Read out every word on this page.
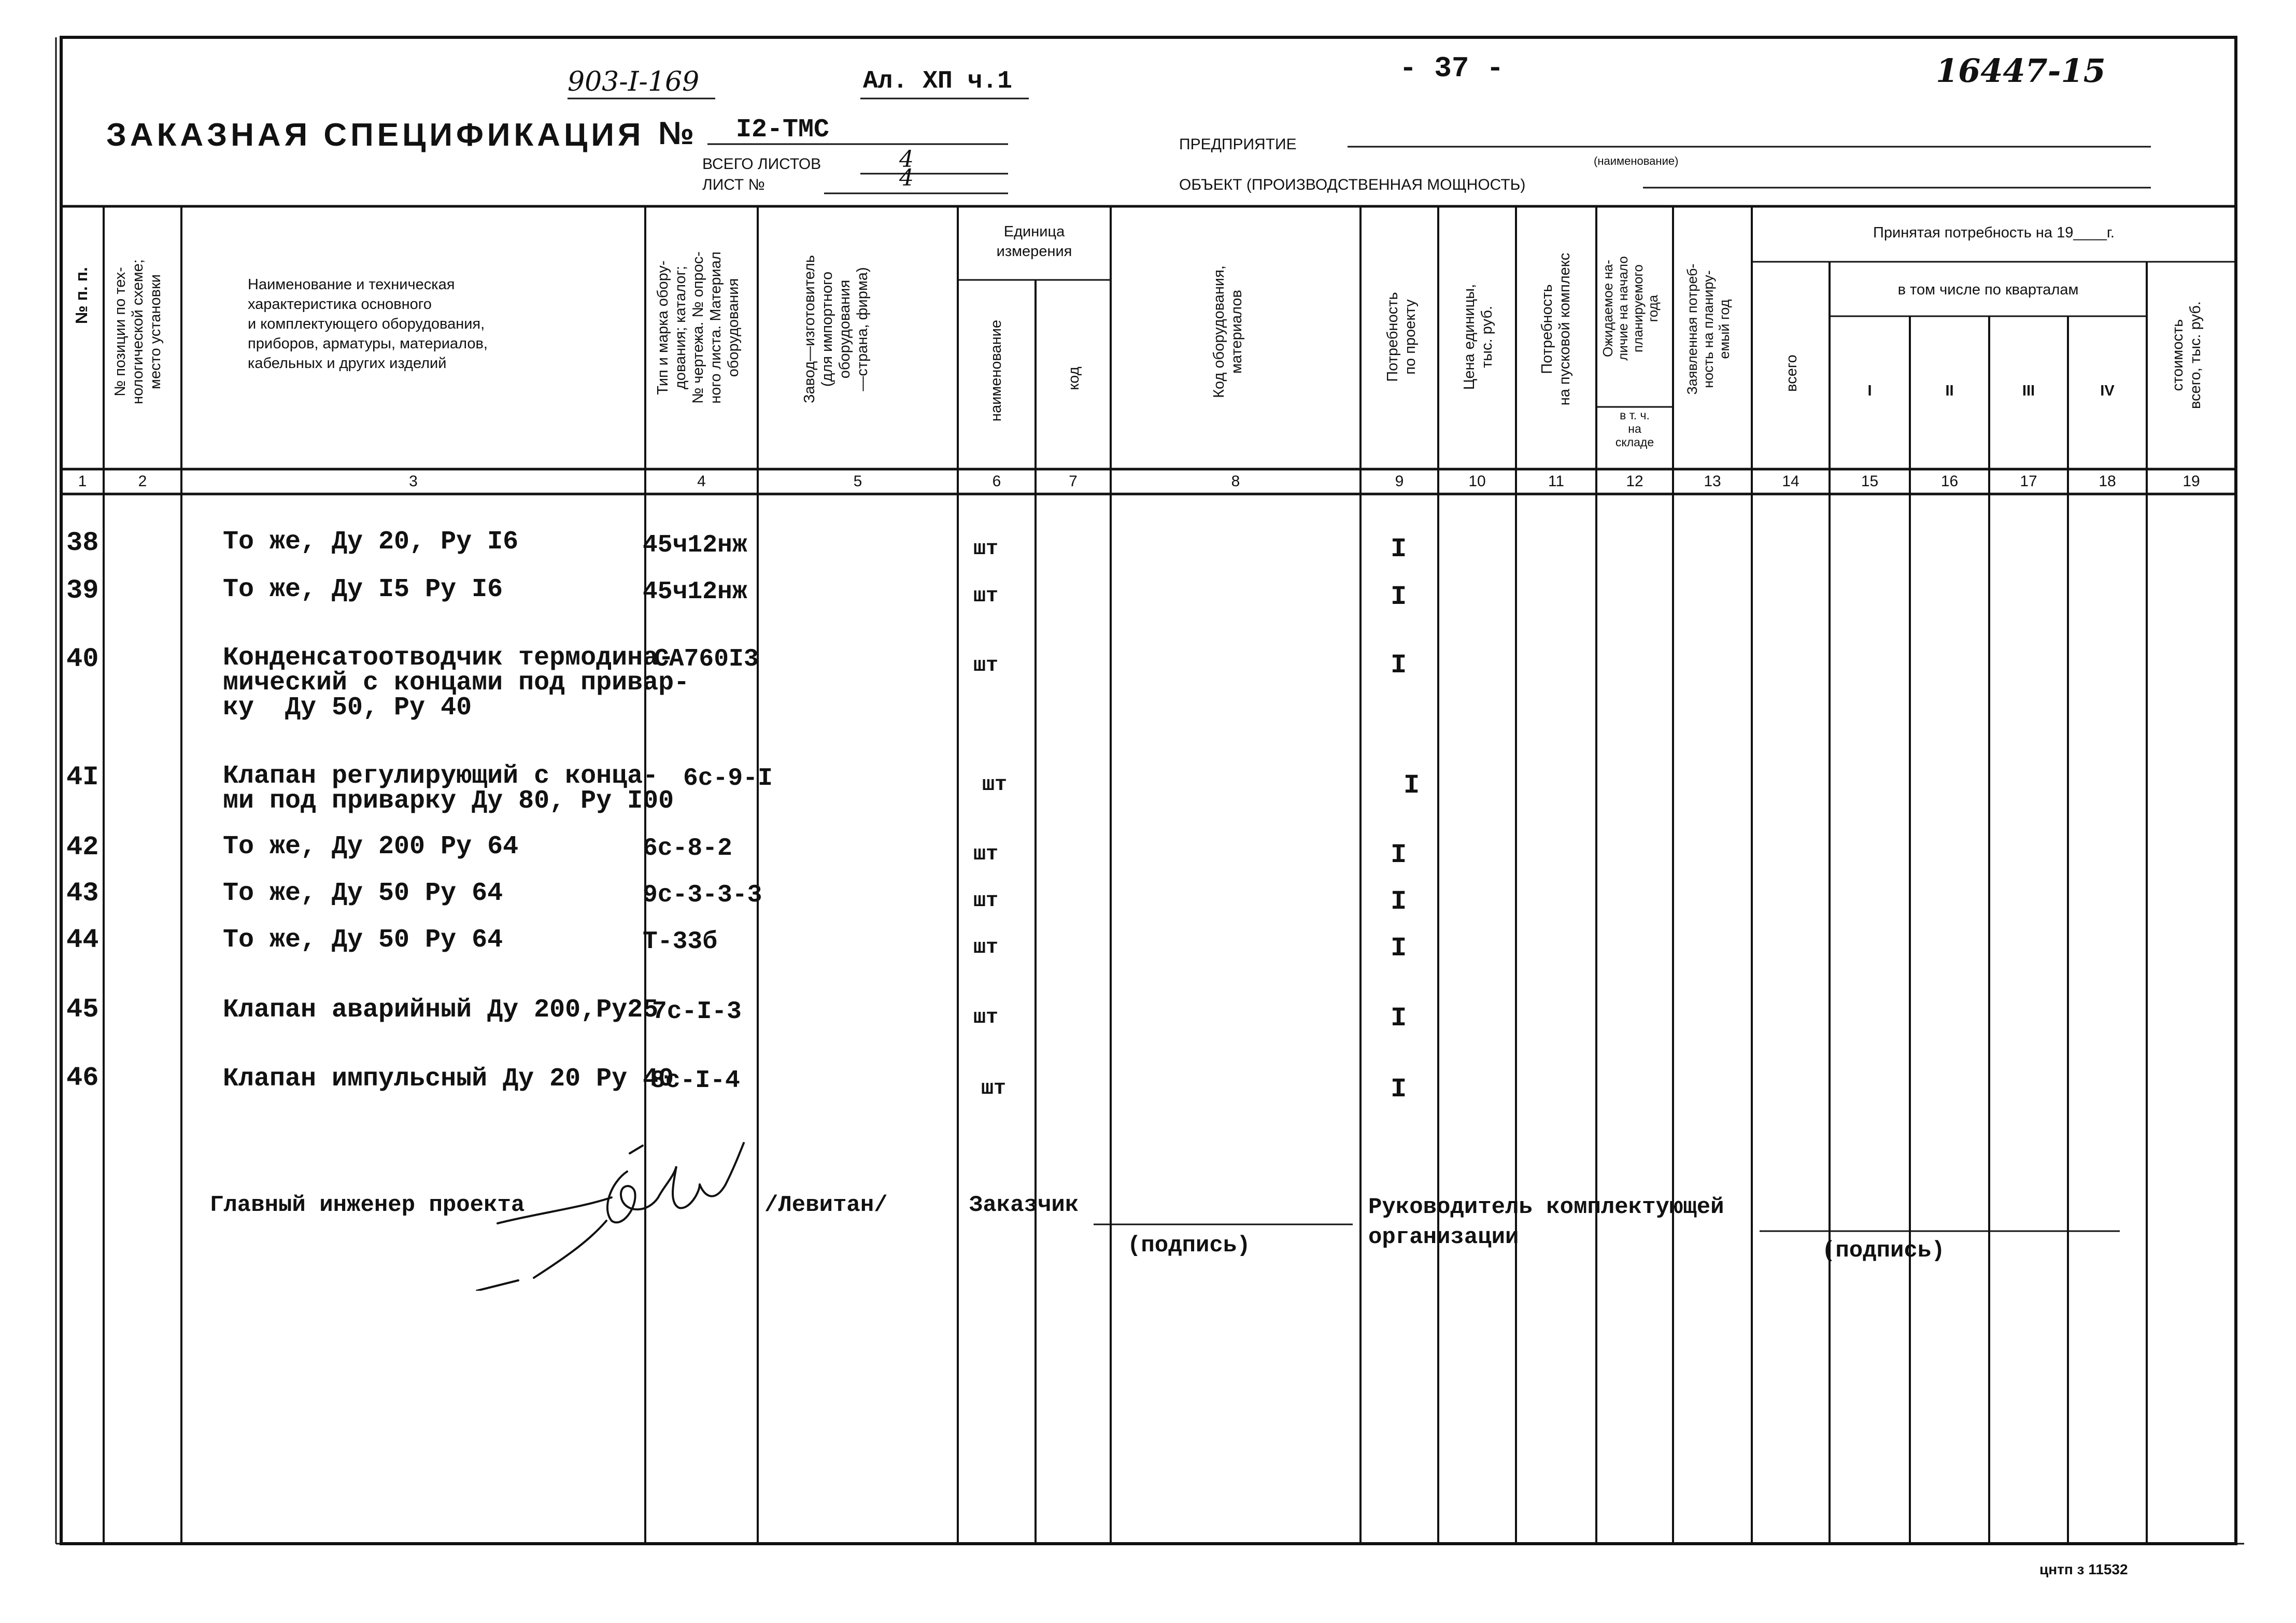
903-I-169	Ал. ХП ч.1	- 37 -	16447-15
ЗАКАЗНАЯ СПЕЦИФИКАЦИЯ № I2-ТМС
ВСЕГО ЛИСТОВ	4
ЛИСТ №	4
ПРЕДПРИЯТИЕ
(наименование)
ОБЪЕКТ (ПРОИЗВОДСТВЕННАЯ МОЩНОСТЬ)
№ п. п.
№ позиции по тех-
нологической схеме;
место установки	Наименование и техническая
характеристика основного
и комплектующего оборудования,
приборов, арматуры, материалов,
кабельных и других изделий
Тип и марка обору-
дования; каталог;
№ чертежа. № опрос-
ного листа. Материал
оборудования	Завод—изготовитель
(для импортного
оборудования
—страна, фирма)
Единица
измерения
наименование	код	Код оборудования,
материалов	Потребность
по проекту
Цена единицы,
тыс. руб.	Потребность
на пусковой комплекс Ожидаемое на-
личие на начало
планируемого
года
в т. ч.
на
складе
Заявленная потреб-
ность на планиру-
емый год
Принятая потребность на 19____г.
всего
в том числе по кварталам
I	II	III	IV	стоимость
всего, тыс. руб.
1	2	3	4	5	6	7	8	9	10	11	12	13	14	15	16	17	18	19
38	То же, Ду 20, Ру I6	45ч12нж	шт	I
39	То же, Ду I5 Ру I6	45ч12нж	шт	I
40	Конденсатоотводчик термодина-
мический с концами под привар-
ку  Ду 50, Ру 40
CA760I3	шт	I
4I	Клапан регулирующий с конца-
ми под приварку Ду 80, Ру I00
6с-9-I	шт	I
42	То же, Ду 200 Ру 64	6с-8-2	шт	I
43	То же, Ду 50 Ру 64	9с-3-3-3	шт	I
44	То же, Ду 50 Ру 64	Т-33б	шт	I
45	Клапан аварийный Ду 200,Ру25
7с-I-3	шт	I
46	Клапан импульсный Ду 20 Ру 40
8с-I-4	шт	I
Главный инженер проекта	/Левитан/	Заказчик
(подпись)
Руководитель комплектующей
организации
(подпись)
цнтп з 11532
